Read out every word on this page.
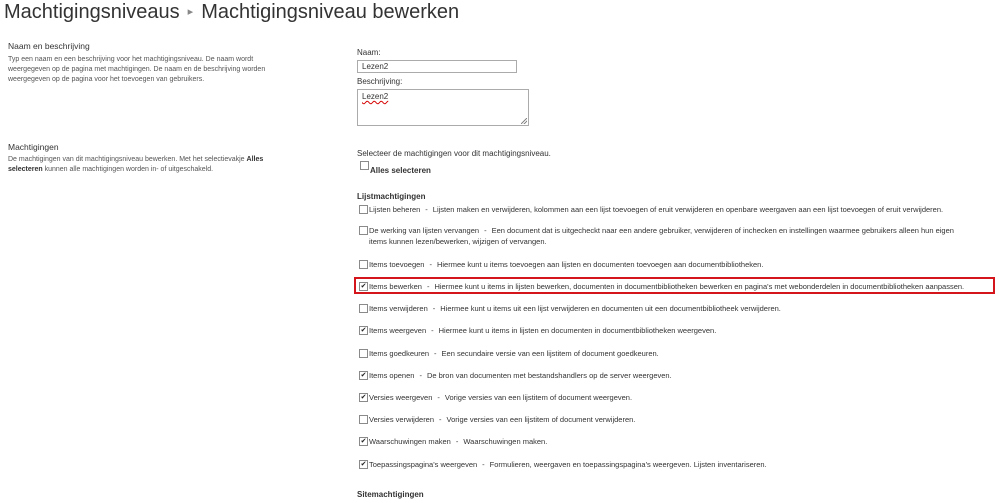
Machtigingsniveaus ▸ Machtigingsniveau bewerken
Naam en beschrijving
Typ een naam en een beschrijving voor het machtigingsniveau. De naam wordt weergegeven op de pagina met machtigingen. De naam en de beschrijving worden weergegeven op de pagina voor het toevoegen van gebruikers.
Naam:
Lezen2
Beschrijving:
Lezen2
Machtigingen
De machtigingen van dit machtigingsniveau bewerken. Met het selectievakje Alles selecteren kunnen alle machtigingen worden in- of uitgeschakeld.
Selecteer de machtigingen voor dit machtigingsniveau.
Alles selecteren
Lijstmachtigingen
Lijsten beheren - Lijsten maken en verwijderen, kolommen aan een lijst toevoegen of eruit verwijderen en openbare weergaven aan een lijst toevoegen of eruit verwijderen.
De werking van lijsten vervangen - Een document dat is uitgecheckt naar een andere gebruiker, verwijderen of inchecken en instellingen waarmee gebruikers alleen hun eigen items kunnen lezen/bewerken, wijzigen of vervangen.
Items toevoegen - Hiermee kunt u items toevoegen aan lijsten en documenten toevoegen aan documentbibliotheken.
✔ Items bewerken - Hiermee kunt u items in lijsten bewerken, documenten in documentbibliotheken bewerken en pagina's met webonderdelen in documentbibliotheken aanpassen.
Items verwijderen - Hiermee kunt u items uit een lijst verwijderen en documenten uit een documentbibliotheek verwijderen.
✔ Items weergeven - Hiermee kunt u items in lijsten en documenten in documentbibliotheken weergeven.
Items goedkeuren - Een secundaire versie van een lijstitem of document goedkeuren.
✔ Items openen - De bron van documenten met bestandshandlers op de server weergeven.
✔ Versies weergeven - Vorige versies van een lijstitem of document weergeven.
Versies verwijderen - Vorige versies van een lijstitem of document verwijderen.
✔ Waarschuwingen maken - Waarschuwingen maken.
✔ Toepassingspagina's weergeven - Formulieren, weergaven en toepassingspagina's weergeven. Lijsten inventariseren.
Sitemachtigingen
